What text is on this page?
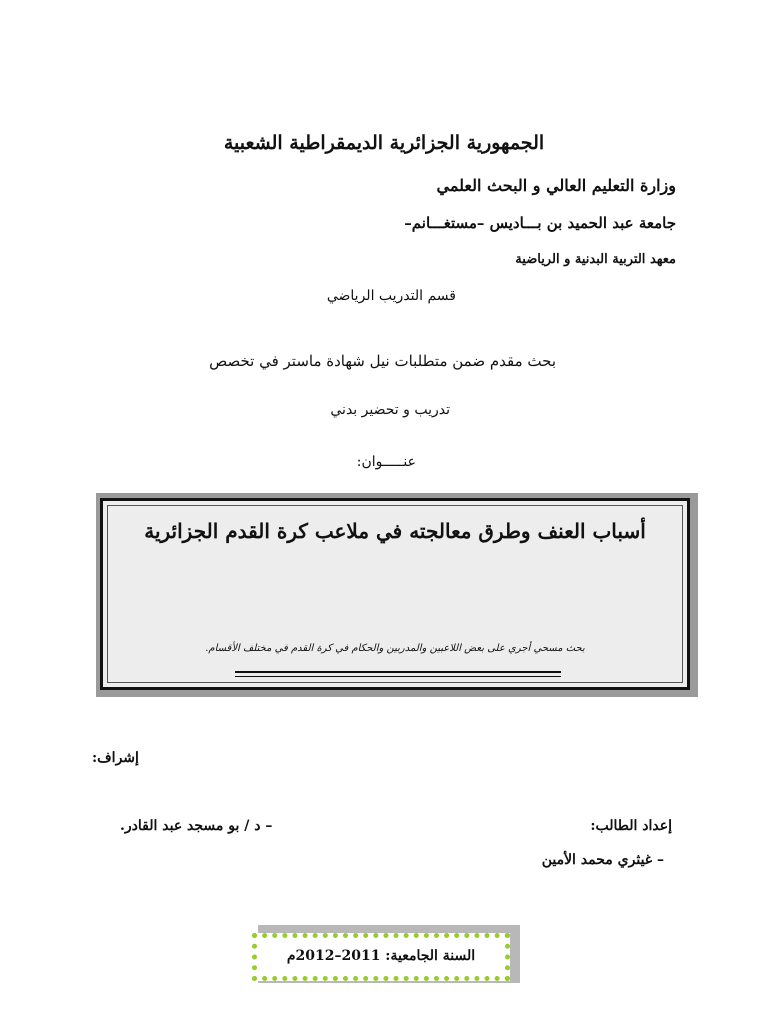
الجمهورية الجزائرية الديمقراطية الشعبية
وزارة التعليم العالي و البحث العلمي
جامعة عبد الحميد بن بـــاديس –مستغـــانم–
معهد التربية البدنية و الرياضية
قسم التدريب الرياضي
بحث مقدم ضمن متطلبات نيل شهادة ماستر في تخصص
تدريب و تحضير بدني
عنـــــوان:
أسباب العنف وطرق معالجته في ملاعب كرة القدم الجزائرية
بحث مسحي أجري على بعض اللاعبين والمدربين والحكام في كرة القدم في مختلف الأقسام.
إشراف:
إعداد الطالب:
– د / بو مسجد عبد القادر.
– غيثري محمد الأمين
السنة الجامعية: 2011–2012م
